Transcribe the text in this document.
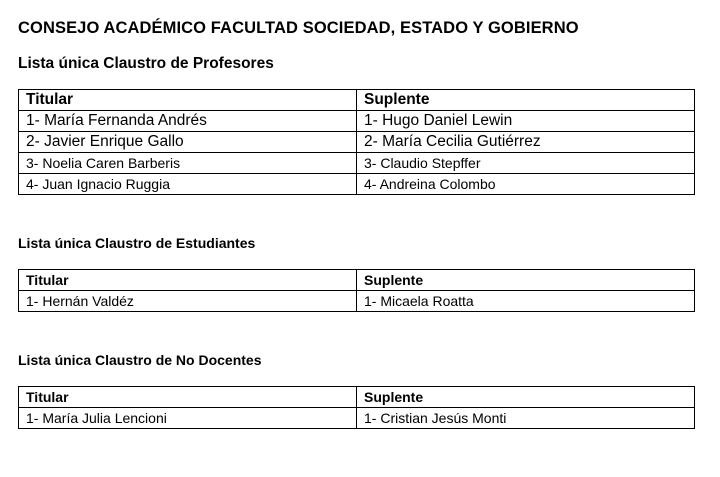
CONSEJO ACADÉMICO FACULTAD SOCIEDAD, ESTADO Y GOBIERNO
Lista única Claustro de Profesores
Titular	Suplente
1- María Fernanda Andrés	1- Hugo Daniel Lewin
2- Javier Enrique Gallo	2- María Cecilia Gutiérrez
3- Noelia Caren Barberis	3- Claudio Stepffer
4- Juan Ignacio Ruggia	4- Andreina Colombo
Lista única Claustro de Estudiantes
Titular	Suplente
1- Hernán Valdéz	1- Micaela Roatta
Lista única Claustro de No Docentes
Titular	Suplente
1- María Julia Lencioni	1- Cristian Jesús Monti
